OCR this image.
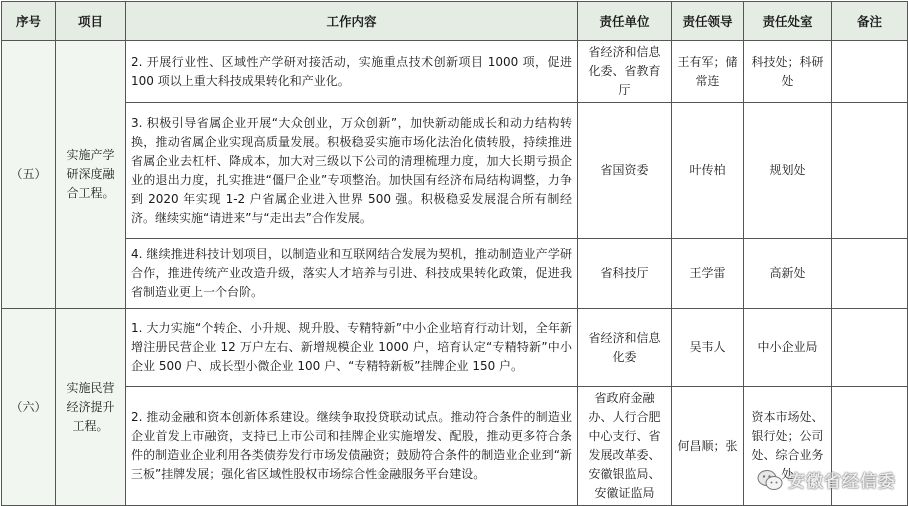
序号	项目	工作内容	责任单位	责任领导	责任处室	备注
（五）	实施产学研深度融合工程。	2. 开展行业性、区域性产学研对接活动，实施重点技术创新项目 1000 项，促进 100 项以上重大科技成果转化和产业化。	省经济和信息化委、省教育厅	王有军；储常连	科技处；科研处	
		3. 积极引导省属企业开展“大众创业，万众创新”，加快新动能成长和动力结构转换，推动省属企业实现高质量发展。积极稳妥实施市场化法治化债转股，持续推进省属企业去杠杆、降成本，加大对三级以下公司的清理梳理力度，加大长期亏损企业的退出力度，扎实推进“僵尸企业”专项整治。加快国有经济布局结构调整，力争到 2020 年实现 1-2 户省属企业进入世界 500 强。积极稳妥发展混合所有制经济。继续实施“请进来”与“走出去”合作发展。	省国资委	叶传柏	规划处	
		4. 继续推进科技计划项目，以制造业和互联网结合发展为契机，推动制造业产学研合作，推进传统产业改造升级，落实人才培养与引进、科技成果转化政策，促进我省制造业更上一个台阶。	省科技厅	王学雷	高新处	
（六）	实施民营经济提升工程。	1. 大力实施“个转企、小升规、规升股、专精特新”中小企业培育行动计划，全年新增注册民营企业 12 万户左右、新增规模企业 1000 户，培育认定“专精特新”中小企业 500 户、成长型小微企业 100 户、“专精特新板”挂牌企业 150 户。	省经济和信息化委	吴韦人	中小企业局	
		2. 推动金融和资本创新体系建设。继续争取投贷联动试点。推动符合条件的制造业企业首发上市融资，支持已上市公司和挂牌企业实施增发、配股，推动更多符合条件的制造业企业利用各类债券发行市场发债融资；鼓励符合条件的制造业企业到“新三板”挂牌发展；强化省区域性股权市场综合性金融服务平台建设。	省政府金融办、人行合肥中心支行、省发展改革委、安徽银监局、安徽证监局	何昌顺；张	资本市场处、银行处；公司处、综合业务处	
安徽省经信委
